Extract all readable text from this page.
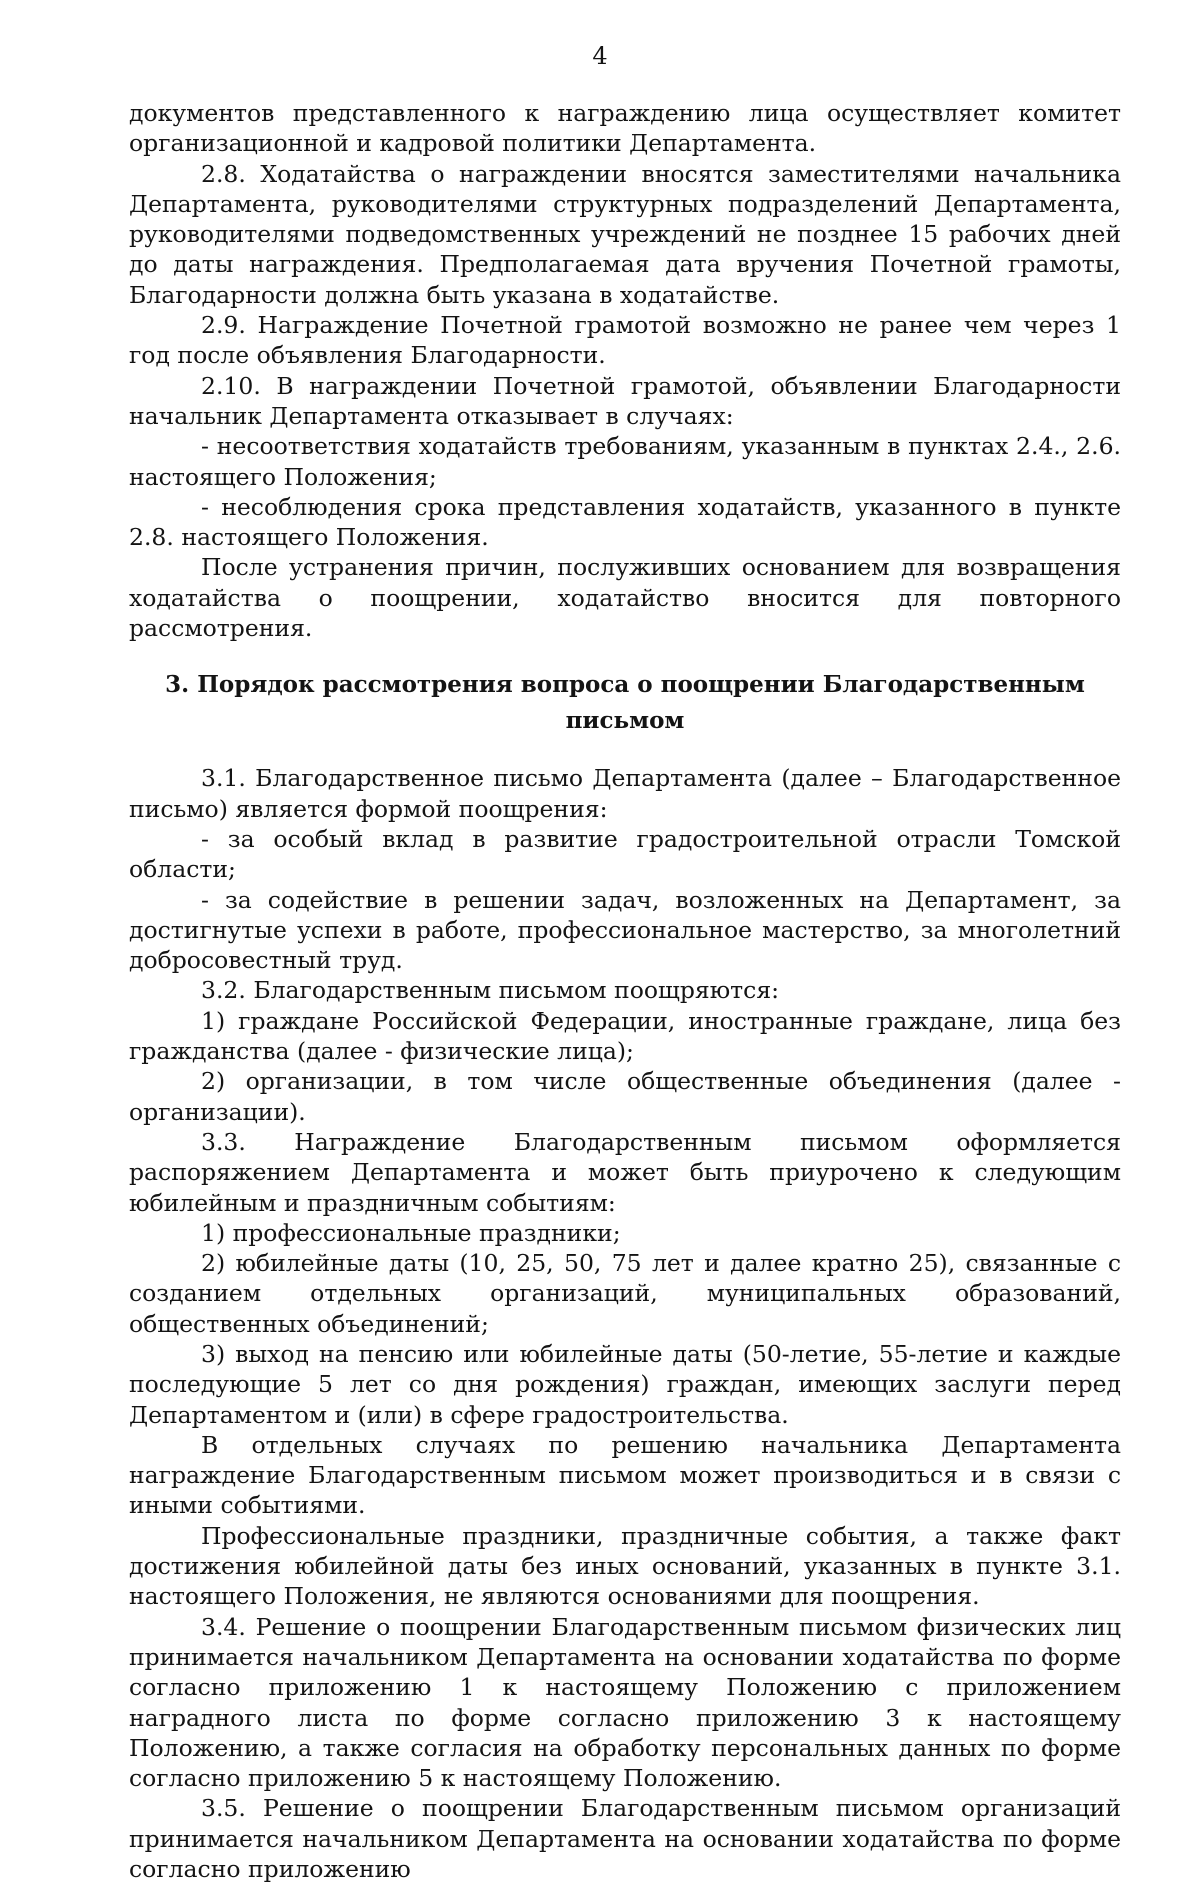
4

документов представленного к награждению лица осуществляет комитет организационной и кадровой политики Департамента.

2.8. Ходатайства о награждении вносятся заместителями начальника Департамента, руководителями структурных подразделений Департамента, руководителями подведомственных учреждений не позднее 15 рабочих дней до даты награждения. Предполагаемая дата вручения Почетной грамоты, Благодарности должна быть указана в ходатайстве.

2.9. Награждение Почетной грамотой возможно не ранее чем через 1 год после объявления Благодарности.

2.10. В награждении Почетной грамотой, объявлении Благодарности начальник Департамента отказывает в случаях:

- несоответствия ходатайств требованиям, указанным в пунктах 2.4., 2.6. настоящего Положения;

- несоблюдения срока представления ходатайств, указанного в пункте 2.8. настоящего Положения.

После устранения причин, послуживших основанием для возвращения ходатайства о поощрении, ходатайство вносится для повторного рассмотрения.

3. Порядок рассмотрения вопроса о поощрении Благодарственным письмом

3.1. Благодарственное письмо Департамента (далее – Благодарственное письмо) является формой поощрения:

- за особый вклад в развитие градостроительной отрасли Томской области;

- за содействие в решении задач, возложенных на Департамент, за достигнутые успехи в работе, профессиональное мастерство, за многолетний добросовестный труд.

3.2. Благодарственным письмом поощряются:

1) граждане Российской Федерации, иностранные граждане, лица без гражданства (далее - физические лица);

2) организации, в том числе общественные объединения (далее - организации).

3.3. Награждение Благодарственным письмом оформляется распоряжением Департамента и может быть приурочено к следующим юбилейным и праздничным событиям:

1) профессиональные праздники;

2) юбилейные даты (10, 25, 50, 75 лет и далее кратно 25), связанные с созданием отдельных организаций, муниципальных образований, общественных объединений;

3) выход на пенсию или юбилейные даты (50-летие, 55-летие и каждые последующие 5 лет со дня рождения) граждан, имеющих заслуги перед Департаментом и (или) в сфере градостроительства.

В отдельных случаях по решению начальника Департамента награждение Благодарственным письмом может производиться и в связи с иными событиями.

Профессиональные праздники, праздничные события, а также факт достижения юбилейной даты без иных оснований, указанных в пункте 3.1. настоящего Положения, не являются основаниями для поощрения.

3.4. Решение о поощрении Благодарственным письмом физических лиц принимается начальником Департамента на основании ходатайства по форме согласно приложению 1 к настоящему Положению с приложением наградного листа по форме согласно приложению 3 к настоящему Положению, а также согласия на обработку персональных данных по форме согласно приложению 5 к настоящему Положению.

3.5. Решение о поощрении Благодарственным письмом организаций принимается начальником Департамента на основании ходатайства по форме согласно приложению
